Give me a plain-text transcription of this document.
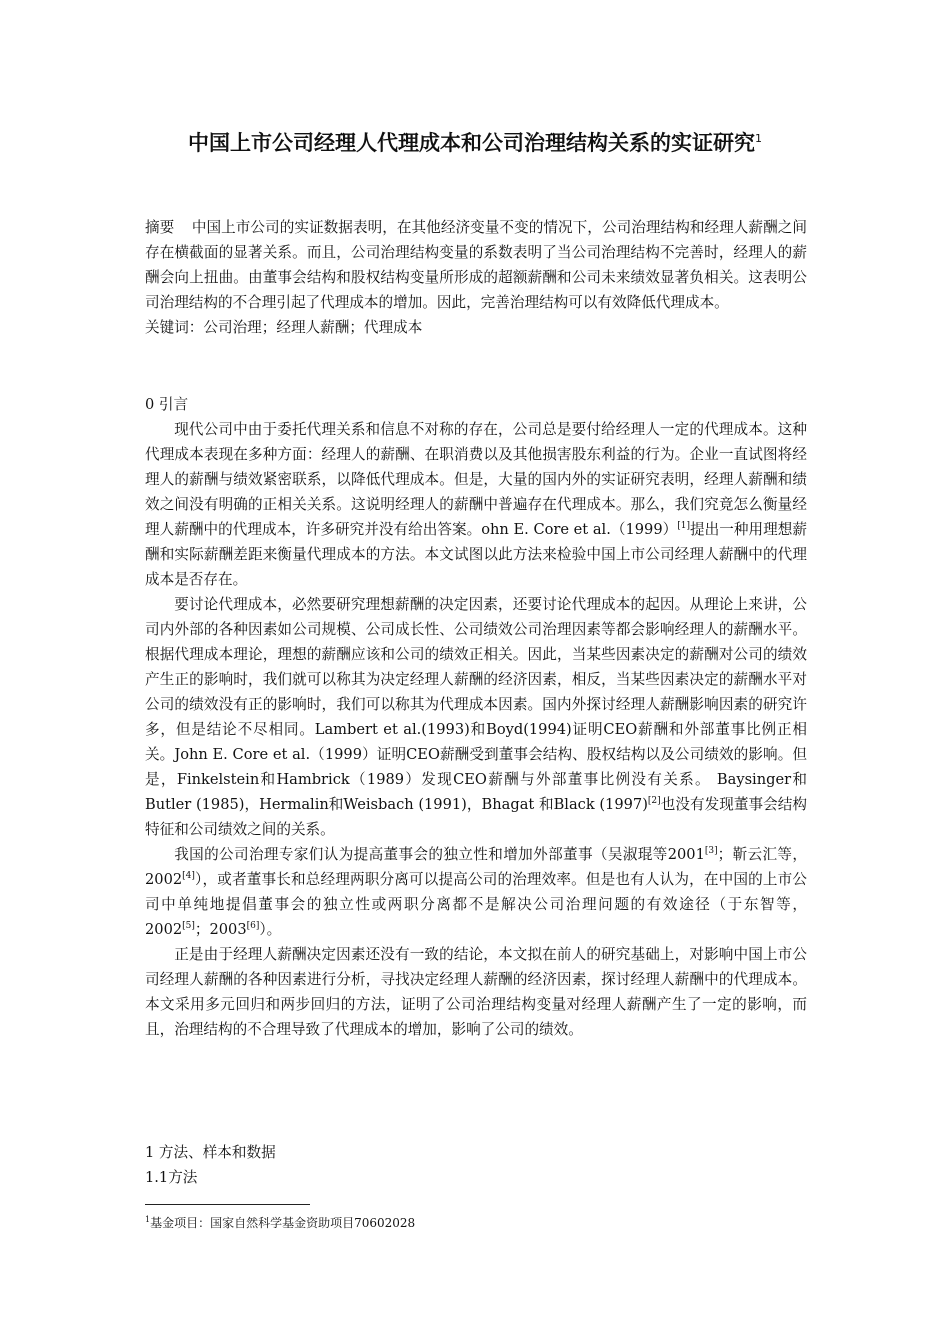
中国上市公司经理人代理成本和公司治理结构关系的实证研究$^1$

摘要 中国上市公司的实证数据表明，在其他经济变量不变的情况下，公司治理结构和经理人薪酬之间存在横截面的显著关系。而且，公司治理结构变量的系数表明了当公司治理结构不完善时，经理人的薪酬会向上扭曲。由董事会结构和股权结构变量所形成的超额薪酬和公司未来绩效显著负相关。这表明公司治理结构的不合理引起了代理成本的增加。因此，完善治理结构可以有效降低代理成本。

关键词：公司治理；经理人薪酬；代理成本

0 引言

现代公司中由于委托代理关系和信息不对称的存在，公司总是要付给经理人一定的代理成本。这种代理成本表现在多种方面：经理人的薪酬、在职消费以及其他损害股东利益的行为。企业一直试图将经理人的薪酬与绩效紧密联系，以降低代理成本。但是，大量的国内外的实证研究表明，经理人薪酬和绩效之间没有明确的正相关关系。这说明经理人的薪酬中普遍存在代理成本。那么，我们究竟怎么衡量经理人薪酬中的代理成本，许多研究并没有给出答案。ohn E. Core et al.（1999）[1]提出一种用理想薪酬和实际薪酬差距来衡量代理成本的方法。本文试图以此方法来检验中国上市公司经理人薪酬中的代理成本是否存在。

要讨论代理成本，必然要研究理想薪酬的决定因素，还要讨论代理成本的起因。从理论上来讲，公司内外部的各种因素如公司规模、公司成长性、公司绩效公司治理因素等都会影响经理人的薪酬水平。根据代理成本理论，理想的薪酬应该和公司的绩效正相关。因此，当某些因素决定的薪酬对公司的绩效产生正的影响时，我们就可以称其为决定经理人薪酬的经济因素，相反，当某些因素决定的薪酬水平对公司的绩效没有正的影响时，我们可以称其为代理成本因素。国内外探讨经理人薪酬影响因素的研究许多，但是结论不尽相同。Lambert et al.(1993)和Boyd(1994)证明CEO薪酬和外部董事比例正相关。John E. Core et al.（1999）证明CEO薪酬受到董事会结构、股权结构以及公司绩效的影响。但是，Finkelstein和Hambrick（1989）发现CEO薪酬与外部董事比例没有关系。 Baysinger和Butler (1985)，Hermalin和Weisbach (1991)，Bhagat 和Black (1997)[2]也没有发现董事会结构特征和公司绩效之间的关系。

我国的公司治理专家们认为提高董事会的独立性和增加外部董事（吴淑琨等2001[3]；靳云汇等，2002[4]），或者董事长和总经理两职分离可以提高公司的治理效率。但是也有人认为，在中国的上市公司中单纯地提倡董事会的独立性或两职分离都不是解决公司治理问题的有效途径（于东智等，2002[5]；2003[6]）。

正是由于经理人薪酬决定因素还没有一致的结论，本文拟在前人的研究基础上，对影响中国上市公司经理人薪酬的各种因素进行分析，寻找决定经理人薪酬的经济因素，探讨经理人薪酬中的代理成本。本文采用多元回归和两步回归的方法，证明了公司治理结构变量对经理人薪酬产生了一定的影响，而且，治理结构的不合理导致了代理成本的增加，影响了公司的绩效。

1 方法、样本和数据

1.1方法

$^1$基金项目：国家自然科学基金资助项目70602028
